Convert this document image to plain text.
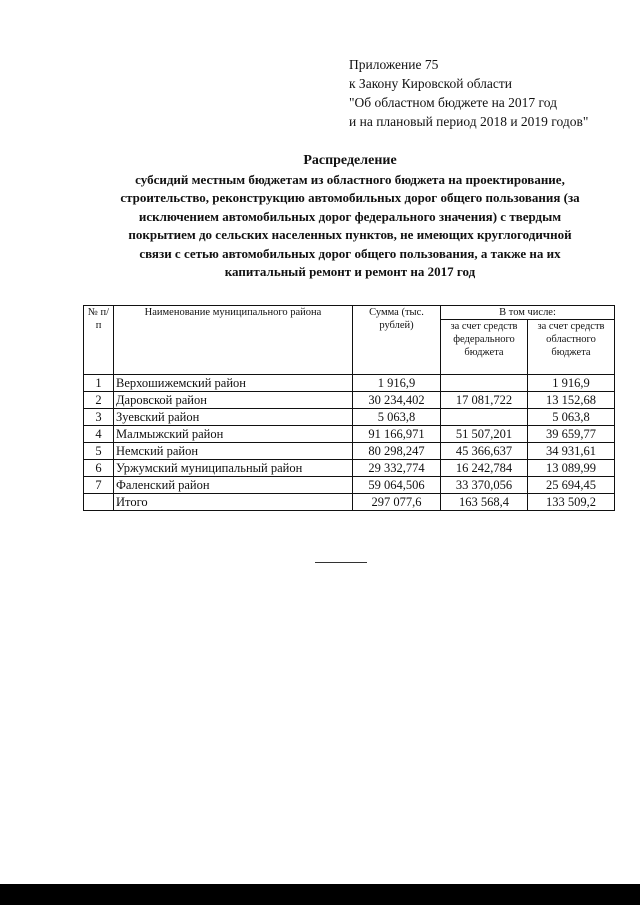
Приложение 75
к Закону Кировской области
"Об областном бюджете на 2017 год
и на плановый период 2018 и 2019 годов"
Распределение
субсидий местным бюджетам из областного бюджета на проектирование,
строительство, реконструкцию автомобильных дорог общего пользования (за
исключением автомобильных дорог федерального значения) с твердым
покрытием до сельских населенных пунктов, не имеющих круглогодичной
связи с сетью автомобильных дорог общего пользования, а также на их
капитальный ремонт и ремонт на 2017 год
№ п/п	Наименование муниципального района	Сумма (тыс. рублей)	В том числе:	
			за счет средств федерального бюджета	за счет средств областного бюджета
1	Верхошижемский район	1 916,9		1 916,9
2	Даровской район	30 234,402	17 081,722	13 152,68
3	Зуевский район	5 063,8		5 063,8
4	Малмыжский район	91 166,971	51 507,201	39 659,77
5	Немский район	80 298,247	45 366,637	34 931,61
6	Уржумский муниципальный район	29 332,774	16 242,784	13 089,99
7	Фаленский район	59 064,506	33 370,056	25 694,45
	Итого	297 077,6	163 568,4	133 509,2
